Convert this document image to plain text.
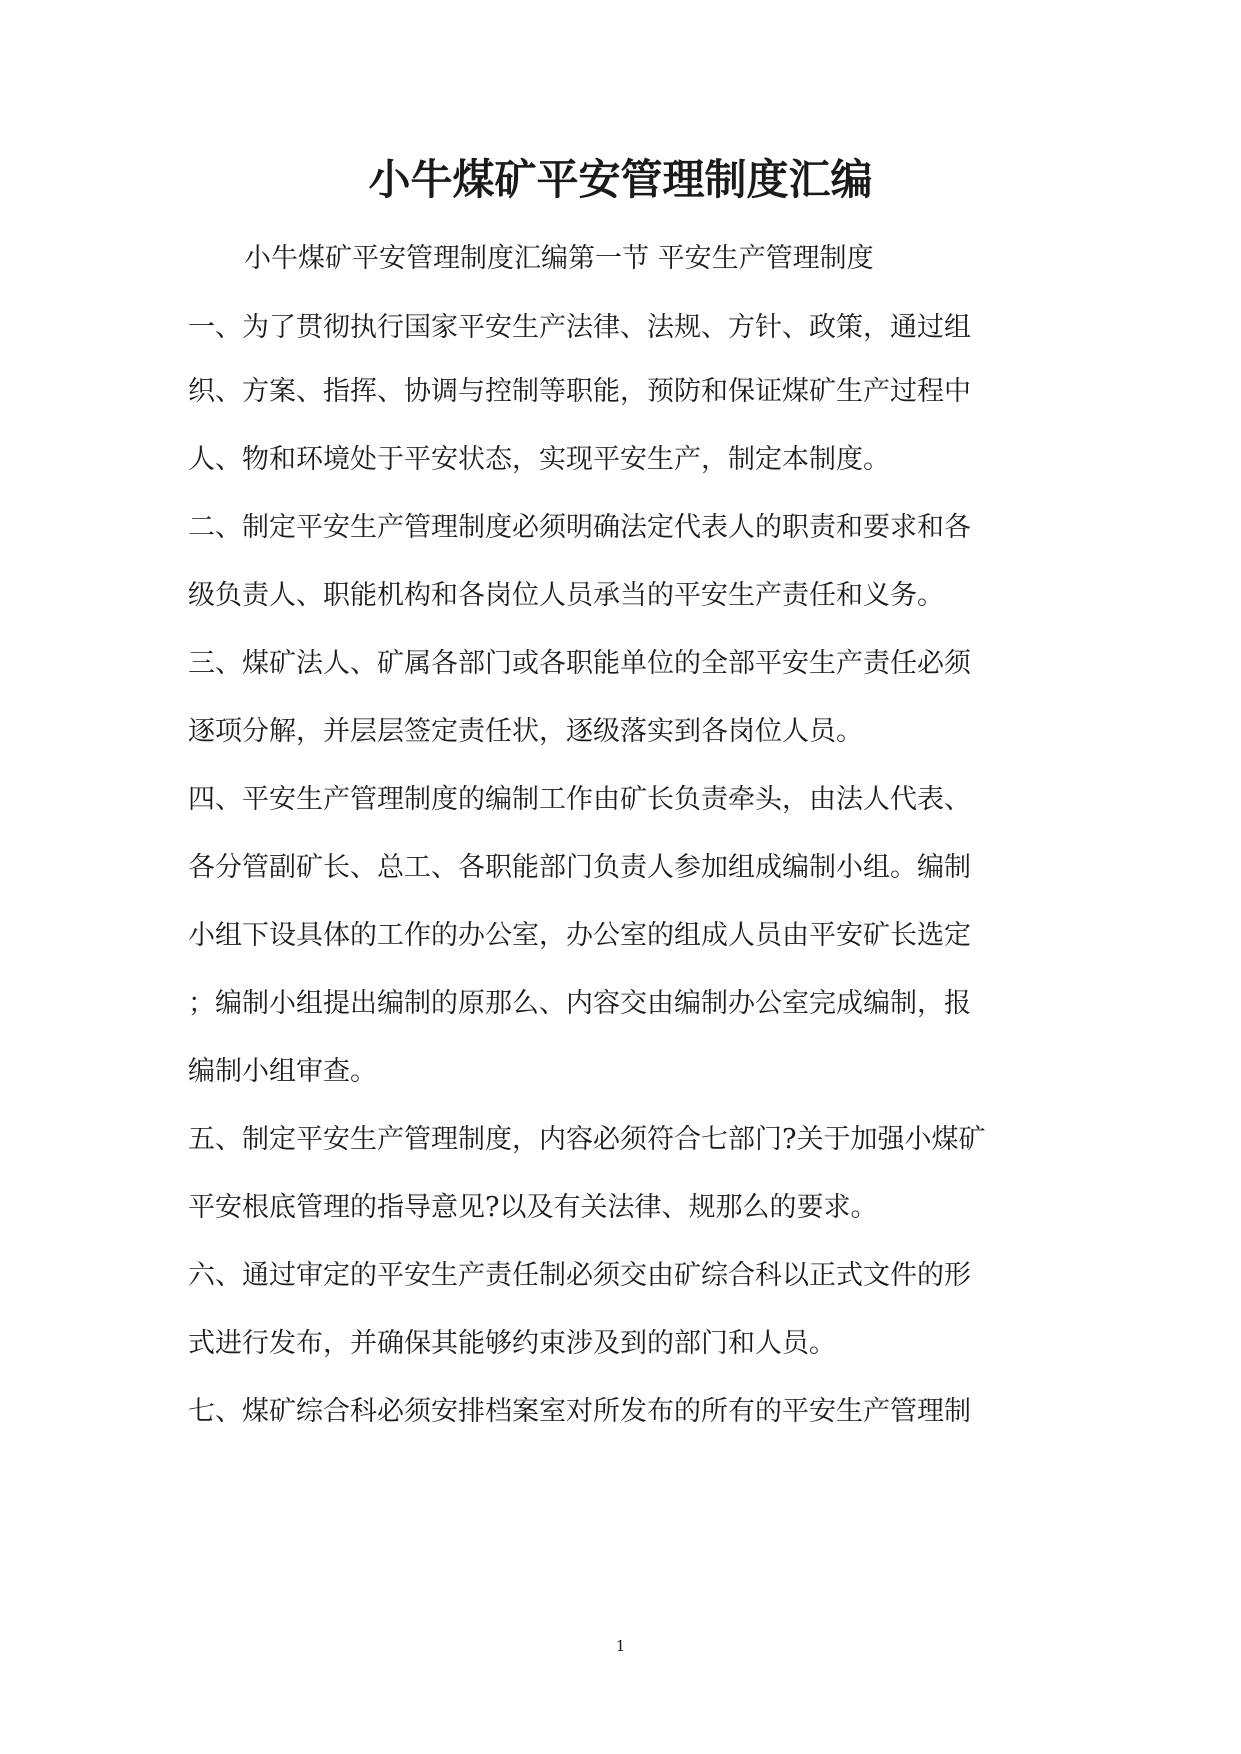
小牛煤矿平安管理制度汇编
小牛煤矿平安管理制度汇编第一节 平安生产管理制度
一、为了贯彻执行国家平安生产法律、法规、方针、政策，通过组
织、方案、指挥、协调与控制等职能，预防和保证煤矿生产过程中
人、物和环境处于平安状态，实现平安生产，制定本制度。
二、制定平安生产管理制度必须明确法定代表人的职责和要求和各
级负责人、职能机构和各岗位人员承当的平安生产责任和义务。
三、煤矿法人、矿属各部门或各职能单位的全部平安生产责任必须
逐项分解，并层层签定责任状，逐级落实到各岗位人员。
四、平安生产管理制度的编制工作由矿长负责牵头，由法人代表、
各分管副矿长、总工、各职能部门负责人参加组成编制小组。编制
小组下设具体的工作的办公室，办公室的组成人员由平安矿长选定
；编制小组提出编制的原那么、内容交由编制办公室完成编制，报
编制小组审查。
五、制定平安生产管理制度，内容必须符合七部门?关于加强小煤矿
平安根底管理的指导意见?以及有关法律、规那么的要求。
六、通过审定的平安生产责任制必须交由矿综合科以正式文件的形
式进行发布，并确保其能够约束涉及到的部门和人员。
七、煤矿综合科必须安排档案室对所发布的所有的平安生产管理制
1
